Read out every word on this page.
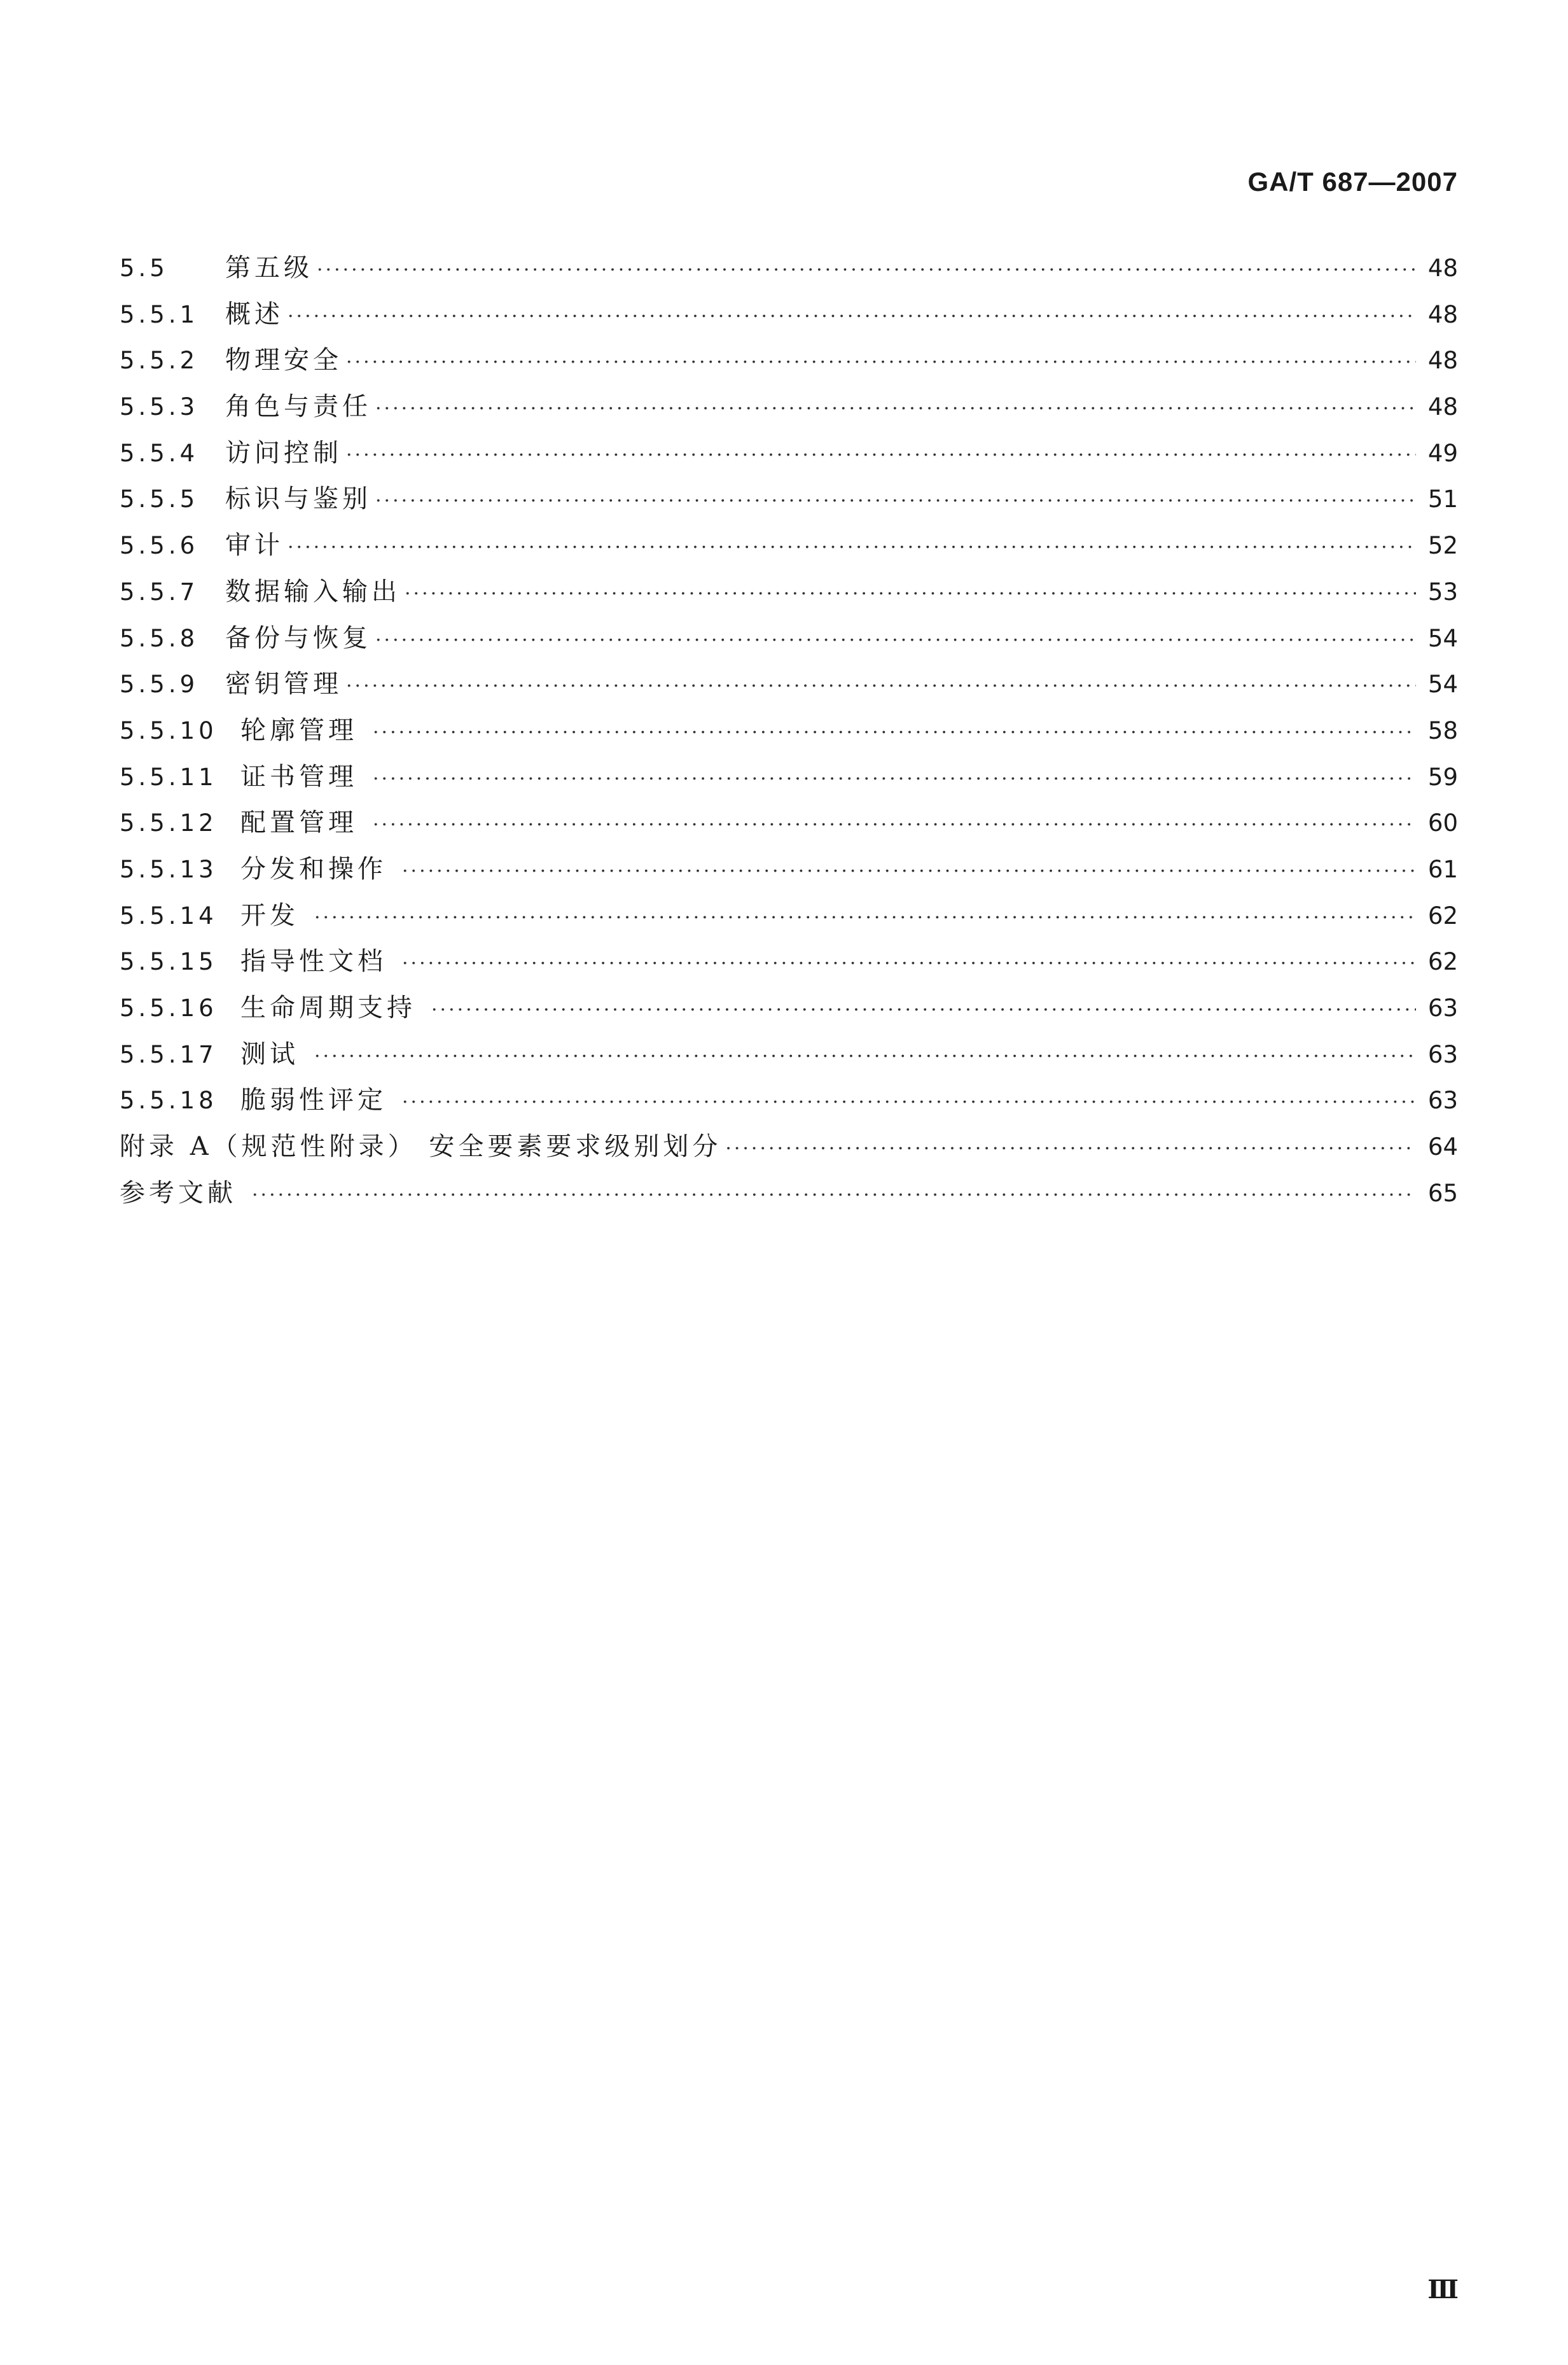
GA/T 687—2007
5.5	第五级 ·····	48
5.5.1	概述 ·····	48
5.5.2	物理安全 ·····	48
5.5.3	角色与责任 ·····	48
5.5.4	访问控制 ·····	49
5.5.5	标识与鉴别 ·····	51
5.5.6	审计 ·····	52
5.5.7	数据输入输出 ·····	53
5.5.8	备份与恢复 ·····	54
5.5.9	密钥管理 ·····	54
5.5.10 轮廓管理 ·····	58
5.5.11 证书管理 ·····	59
5.5.12 配置管理 ·····	60
5.5.13 分发和操作 ·····	61
5.5.14 开发 ·····	62
5.5.15 指导性文档 ·····	62
5.5.16 生命周期支持 ·····	63
5.5.17 测试 ·····	63
5.5.18 脆弱性评定 ·····	63
附录 A（规范性附录） 安全要素要求级别划分 ·····	64
参考文献 ·····	65
Ⅲ
